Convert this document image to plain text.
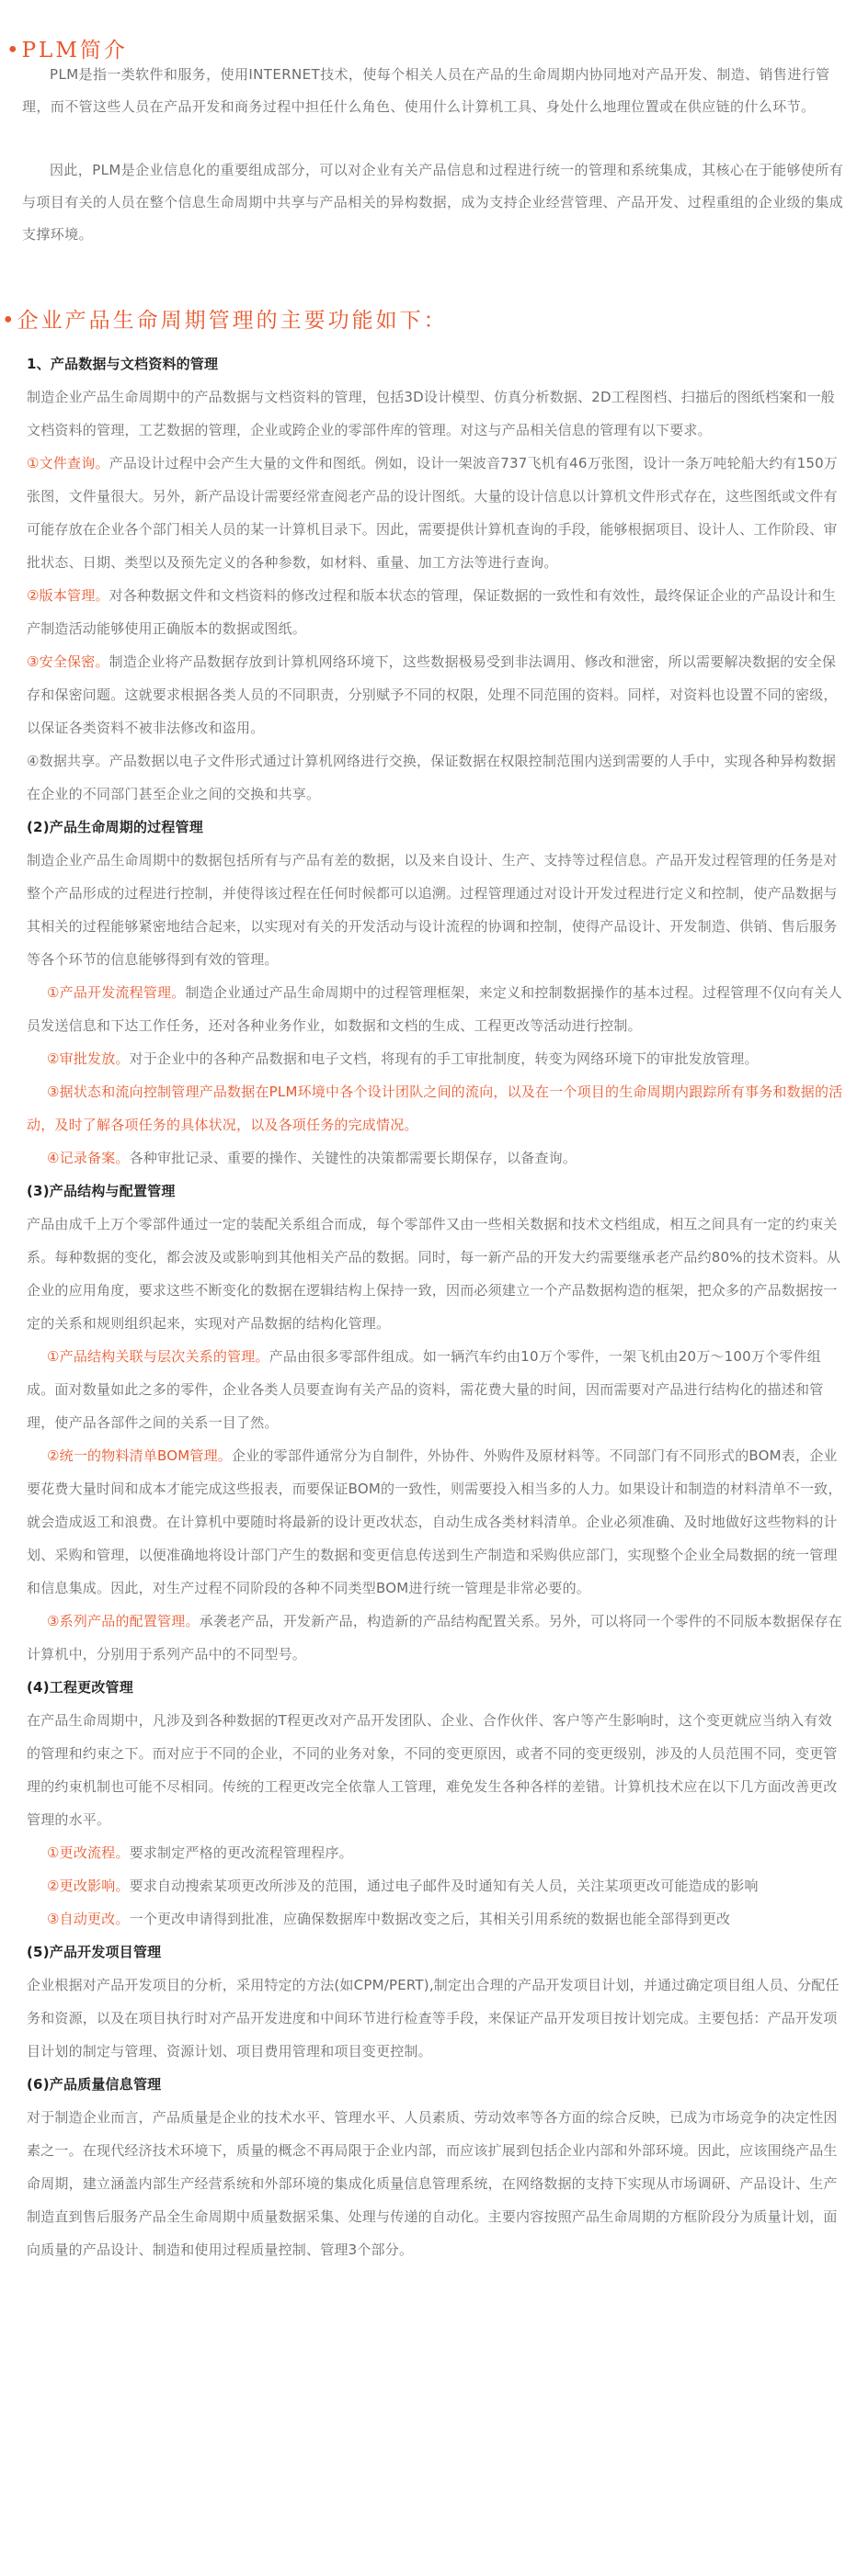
•PLM简介

PLM是指一类软件和服务，使用INTERNET技术，使每个相关人员在产品的生命周期内协同地对产品开发、制造、销售进行管理，而不管这些人员在产品开发和商务过程中担任什么角色、使用什么计算机工具、身处什么地理位置或在供应链的什么环节。

因此，PLM是企业信息化的重要组成部分，可以对企业有关产品信息和过程进行统一的管理和系统集成，其核心在于能够使所有与项目有关的人员在整个信息生命周期中共享与产品相关的异构数据，成为支持企业经营管理、产品开发、过程重组的企业级的集成支撑环境。

•企业产品生命周期管理的主要功能如下：

1、产品数据与文档资料的管理

制造企业产品生命周期中的产品数据与文档资料的管理，包括3D设计模型、仿真分析数据、2D工程图档、扫描后的图纸档案和一般文档资料的管理，工艺数据的管理，企业或跨企业的零部件库的管理。对这与产品相关信息的管理有以下要求。

①文件查询。产品设计过程中会产生大量的文件和图纸。例如，设计一架波音737飞机有46万张图，设计一条万吨轮船大约有150万张图，文件量很大。另外，新产品设计需要经常查阅老产品的设计图纸。大量的设计信息以计算机文件形式存在，这些图纸或文件有可能存放在企业各个部门相关人员的某一计算机目录下。因此，需要提供计算机查询的手段，能够根据项目、设计人、工作阶段、审批状态、日期、类型以及预先定义的各种参数，如材料、重量、加工方法等进行查询。

②版本管理。对各种数据文件和文档资料的修改过程和版本状态的管理，保证数据的一致性和有效性，最终保证企业的产品设计和生产制造活动能够使用正确版本的数据或图纸。

③安全保密。制造企业将产品数据存放到计算机网络环境下，这些数据极易受到非法调用、修改和泄密，所以需要解决数据的安全保存和保密问题。这就要求根据各类人员的不同职责，分别赋予不同的权限，处理不同范围的资料。同样，对资料也设置不同的密级，以保证各类资料不被非法修改和盗用。

④数据共享。产品数据以电子文件形式通过计算机网络进行交换，保证数据在权限控制范围内送到需要的人手中，实现各种异构数据在企业的不同部门甚至企业之间的交换和共享。

(2)产品生命周期的过程管理

制造企业产品生命周期中的数据包括所有与产品有差的数据，以及来自设计、生产、支持等过程信息。产品开发过程管理的任务是对整个产品形成的过程进行控制，并使得该过程在任何时候都可以追溯。过程管理通过对设计开发过程进行定义和控制，使产品数据与其相关的过程能够紧密地结合起来，以实现对有关的开发活动与设计流程的协调和控制，使得产品设计、开发制造、供销、售后服务等各个环节的信息能够得到有效的管理。

①产品开发流程管理。制造企业通过产品生命周期中的过程管理框架，来定义和控制数据操作的基本过程。过程管理不仅向有关人员发送信息和下达工作任务，还对各种业务作业，如数据和文档的生成、工程更改等活动进行控制。

②审批发放。对于企业中的各种产品数据和电子文档，将现有的手工审批制度，转变为网络环境下的审批发放管理。

③据状态和流向控制管理产品数据在PLM环境中各个设计团队之间的流向，以及在一个项目的生命周期内跟踪所有事务和数据的活动，及时了解各项任务的具体状况，以及各项任务的完成情况。

④记录备案。各种审批记录、重要的操作、关键性的决策都需要长期保存，以备查询。

(3)产品结构与配置管理

产品由成千上万个零部件通过一定的装配关系组合而成，每个零部件又由一些相关数据和技术文档组成，相互之间具有一定的约束关系。每种数据的变化，都会波及或影响到其他相关产品的数据。同时，每一新产品的开发大约需要继承老产品约80%的技术资料。从企业的应用角度，要求这些不断变化的数据在逻辑结构上保持一致，因而必须建立一个产品数据构造的框架，把众多的产品数据按一定的关系和规则组织起来，实现对产品数据的结构化管理。

①产品结构关联与层次关系的管理。产品由很多零部件组成。如一辆汽车约由10万个零件，一架飞机由20万～100万个零件组成。面对数量如此之多的零件，企业各类人员要查询有关产品的资料，需花费大量的时间，因而需要对产品进行结构化的描述和管理，使产品各部件之间的关系一目了然。

②统一的物料清单BOM管理。企业的零部件通常分为自制件，外协件、外购件及原材料等。不同部门有不同形式的BOM表，企业要花费大量时间和成本才能完成这些报表，而要保证BOM的一致性，则需要投入相当多的人力。如果设计和制造的材料清单不一致，就会造成返工和浪费。在计算机中要随时将最新的设计更改状态，自动生成各类材料清单。企业必须准确、及时地做好这些物料的计划、采购和管理，以便准确地将设计部门产生的数据和变更信息传送到生产制造和采购供应部门，实现整个企业全局数据的统一管理和信息集成。因此，对生产过程不同阶段的各种不同类型BOM进行统一管理是非常必要的。

③系列产品的配置管理。承袭老产品，开发新产品，构造新的产品结构配置关系。另外，可以将同一个零件的不同版本数据保存在计算机中，分别用于系列产品中的不同型号。

(4)工程更改管理

在产品生命周期中，凡涉及到各种数据的T程更改对产品开发团队、企业、合作伙伴、客户等产生影响时，这个变更就应当纳入有效的管理和约束之下。而对应于不同的企业，不同的业务对象，不同的变更原因，或者不同的变更级别，涉及的人员范围不同，变更管理的约束机制也可能不尽相同。传统的工程更改完全依靠人工管理，难免发生各种各样的差错。计算机技术应在以下几方面改善更改管理的水平。

①更改流程。要求制定严格的更改流程管理程序。

②更改影响。要求自动搜索某项更改所涉及的范围，通过电子邮件及时通知有关人员，关注某项更改可能造成的影响

③自动更改。一个更改申请得到批准，应确保数据库中数据改变之后，其相关引用系统的数据也能全部得到更改

(5)产品开发项目管理

企业根据对产品开发项目的分析，采用特定的方法(如CPM/PERT),制定出合理的产品开发项目计划，并通过确定项目组人员、分配任务和资源，以及在项目执行时对产品开发进度和中间环节进行检查等手段，来保证产品开发项目按计划完成。主要包括：产品开发项目计划的制定与管理、资源计划、项目费用管理和项目变更控制。

(6)产品质量信息管理

对于制造企业而言，产品质量是企业的技术水平、管理水平、人员素质、劳动效率等各方面的综合反映，已成为市场竞争的决定性因素之一。在现代经济技术环境下，质量的概念不再局限于企业内部，而应该扩展到包括企业内部和外部环境。因此，应该围绕产品生命周期，建立涵盖内部生产经营系统和外部环境的集成化质量信息管理系统，在网络数据的支持下实现从市场调研、产品设计、生产制造直到售后服务产品全生命周期中质量数据采集、处理与传递的自动化。主要内容按照产品生命周期的方框阶段分为质量计划，面向质量的产品设计、制造和使用过程质量控制、管理3个部分。
